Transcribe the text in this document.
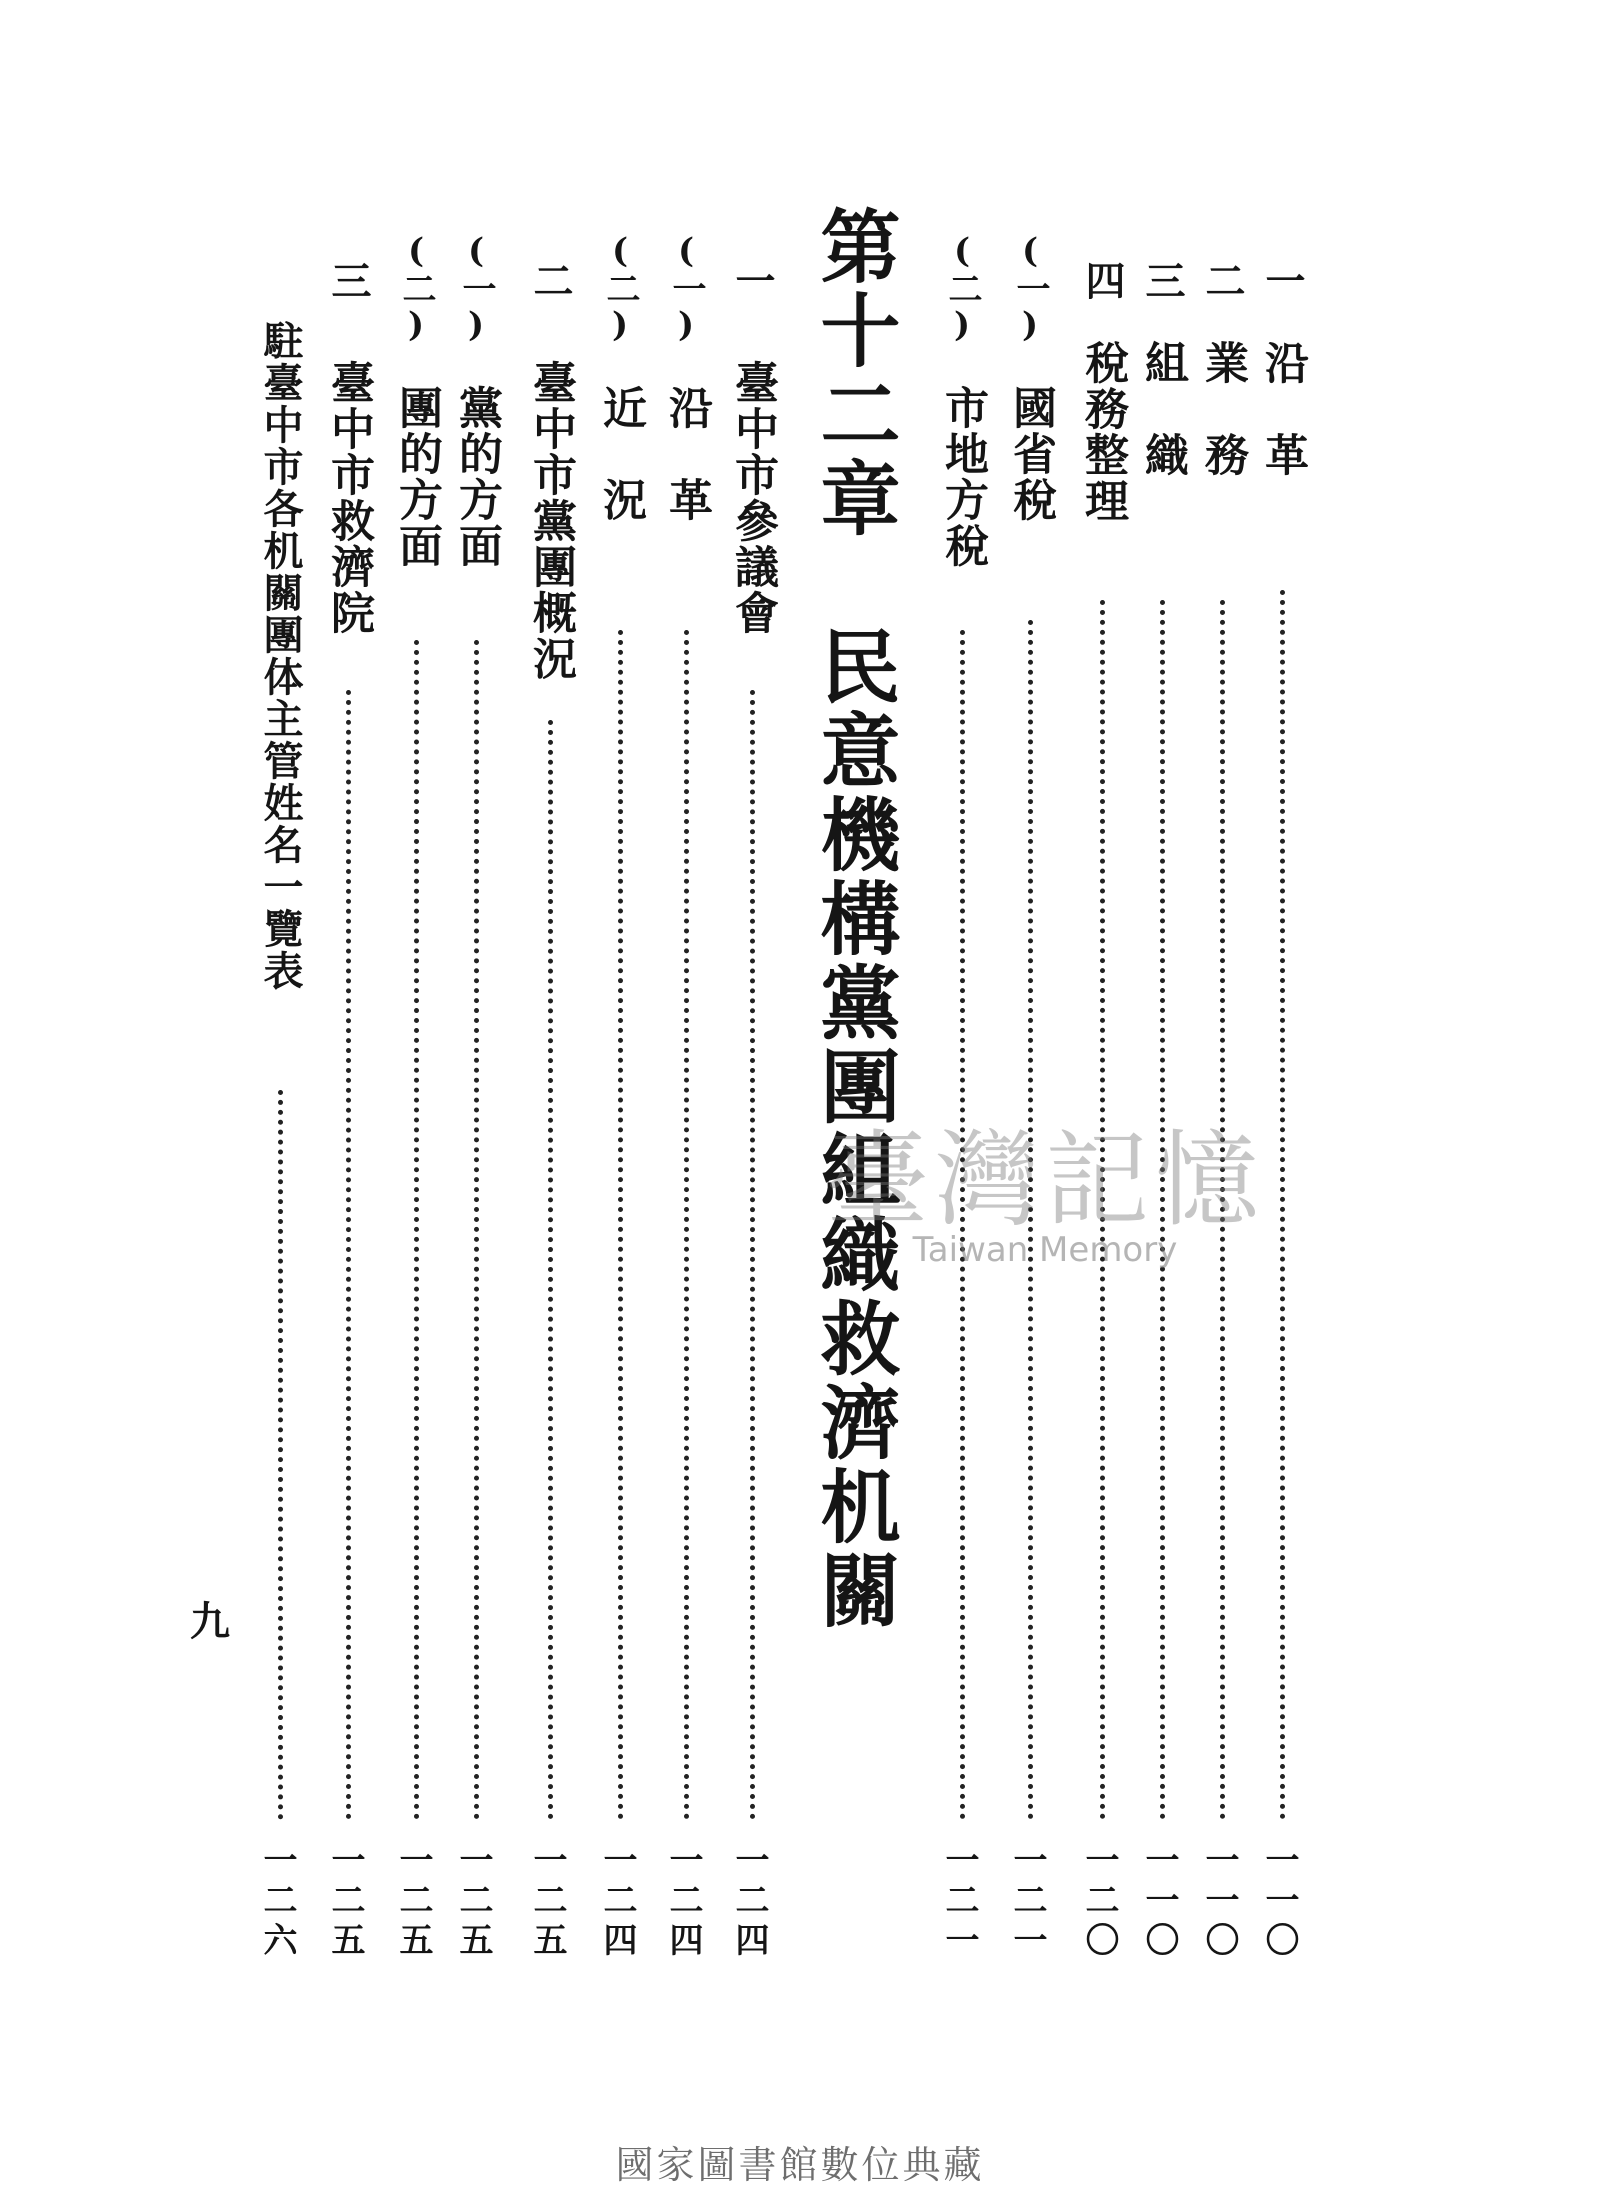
一
沿　革
二
業　務
三
組　織
四
稅務整理
(一)
國省稅
(二)
市地方稅
第十二章　民意機構黨團組織救濟机關
一
臺中市參議會
(一)
沿　革
(二)
近　況
二
臺中市黨團概況
(一)
黨的方面
(二)
團的方面
三
臺中市救濟院
駐臺中市各机關團体主管姓名一覽表
一一〇
一一〇
一一〇
一二〇
一二一
一二一
一二四
一二四
一二四
一二五
一二五
一二五
一二五
一二六
九
臺灣記憶
Taiwan Memory
國家圖書館數位典藏
